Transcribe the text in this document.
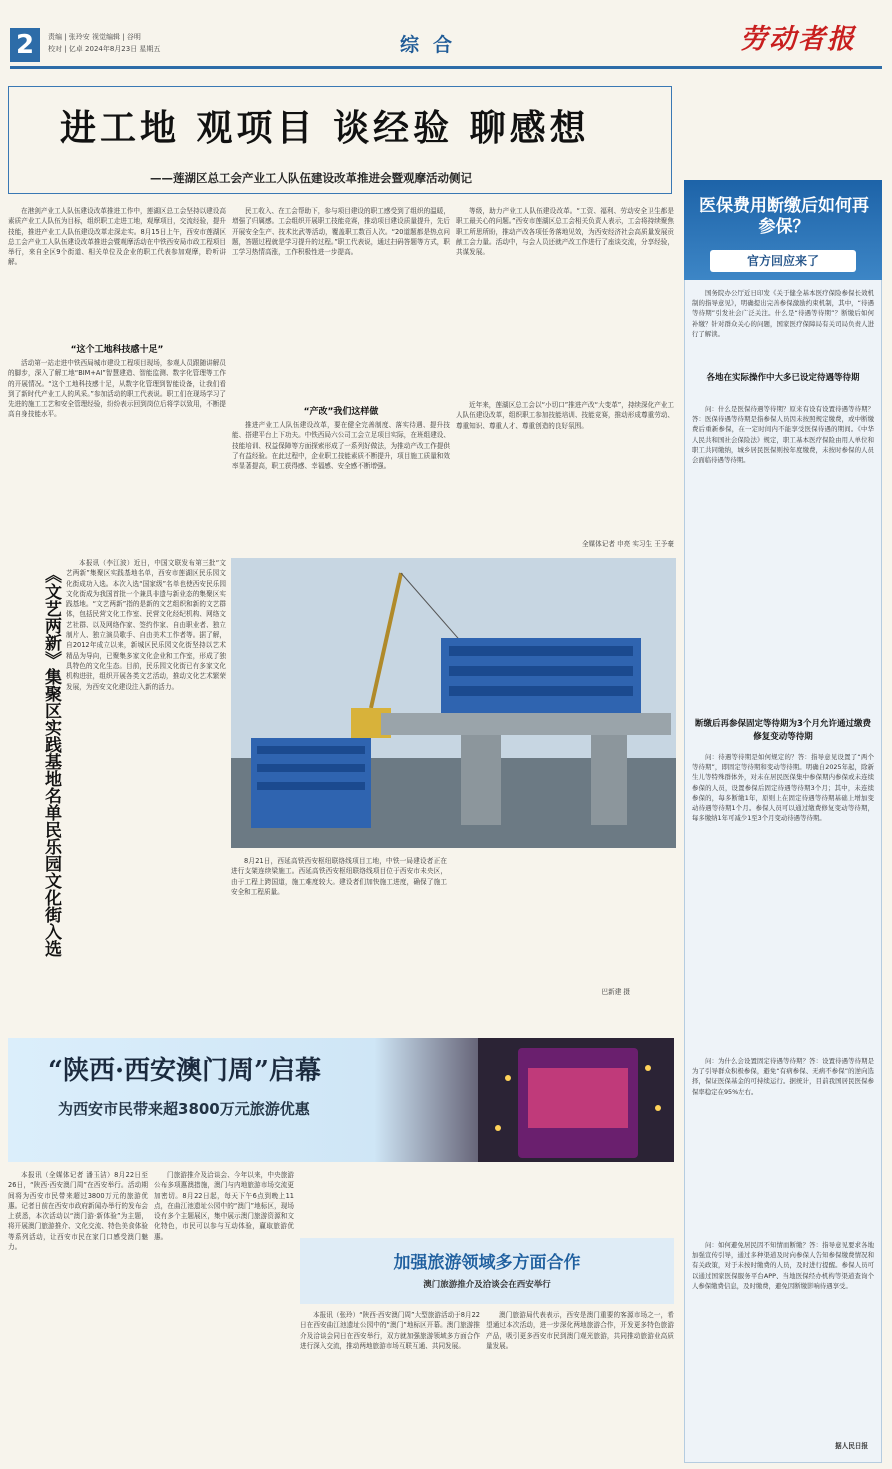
2	责编 | 张玲安 视觉编辑 | 谷明
校对 | 亿卓 2024年8月23日 星期五	综合	劳动者报
进工地 观项目 谈经验 聊感想
——莲湖区总工会产业工人队伍建设改革推进会暨观摩活动侧记
在港剑产业工人队伍建设改革推进工作中，莲湖区总工会坚持以建设高素质产业工人队伍为目标，组织职工走进工地，观摩项目，交流经验，提升技能，推进产业工人队伍建设改革走深走实。8月15日上午，西安市莲湖区总工会产业工人队伍建设改革推进会暨观摩活动在中铁西安局市政工程项目举行，来自全区9个街道、相关单位及企业的职工代表参加观摩，聆听讲解。
“这个工地科技感十足”
活动第一站走进中铁西局城市建设工程项目现场，参观人员跟随讲解员的脚步，深入了解工地“BIM+AI”智慧建造、智能监测、数字化管理等工作的开展情况。“这个工地科技感十足，从数字化管理到智能设备，让我们看到了新时代产业工人的风采。”参加活动的职工代表说。职工们在现场学习了先进的施工工艺和安全管理经验，纷纷表示回到岗位后将学以致用，不断提高自身技能水平。
民工收入、在工会帮助下，参与项目建设的职工感受到了组织的温暖，增强了归属感。工会组织开展职工技能竞赛，推动项目建设质量提升，先后开展安全生产、技术比武等活动，覆盖职工数百人次。“20道题都是热点问题，答题过程就是学习提升的过程。”职工代表说，通过扫码答题等方式，职工学习热情高涨，工作积极性进一步提高。
“产改”我们这样做
推进产业工人队伍建设改革，要在健全完善制度、落实待遇、提升技能、搭建平台上下功夫。中铁西局六公司工会立足项目实际，在班组建设、技能培训、权益保障等方面探索形成了一系列好做法，为推动产改工作提供了有益经验。在此过程中，企业职工技能素质不断提升，项目施工质量和效率显著提高，职工获得感、幸福感、安全感不断增强。
等级，助力产业工人队伍建设改革。“工资、福利、劳动安全卫生都是职工最关心的问题。”西安市莲湖区总工会相关负责人表示，工会将持续聚焦职工所思所盼，推动产改各项任务落地见效，为西安经济社会高质量发展贡献工会力量。活动中，与会人员还就产改工作进行了座谈交流，分享经验，共谋发展。
近年来，莲湖区总工会以“小切口”推进产改“大变革”，持续深化产业工人队伍建设改革，组织职工参加技能培训、技能竞赛，推动形成尊重劳动、尊重知识、尊重人才、尊重创造的良好氛围。
全媒体记者 申亮 实习生 王予豪
《文艺两新》集聚区实践基地名单民乐园文化街入选
本报讯（李江波）近日，中国文联发布第三批“文艺两新”集聚区实践基地名单，西安市莲湖区民乐园文化街成功入选。本次入选“国家级”名单也使西安民乐园文化街成为我国首批一个兼具非遗与新业态的集聚区实践基地。“文艺两新”指的是新的文艺组织和新的文艺群体，包括民营文化工作室、民营文化经纪机构、网络文艺社群、以及网络作家、签约作家、自由职业者、独立制片人、独立演员歌手、自由美术工作者等。据了解，自2012年成立以来，新城区民乐园文化街坚持以艺术精品为导向，已聚集多家文化企业和工作室，形成了独具特色的文化生态。目前，民乐园文化街已有多家文化机构进驻，组织开展各类文艺活动，推动文化艺术繁荣发展，为西安文化建设注入新的活力。
8月21日，西延高铁西安枢纽联络线项目工地，中铁一局建设者正在进行支架连续梁施工。西延高铁西安枢纽联络线项目位于西安市未央区，由于工程上跨国道，施工难度较大。建设者们加快施工进度，确保了施工安全和工程质量。
巴新建 摄
“陕西·西安澳门周”启幕
为西安市民带来超3800万元旅游优惠
本报讯（全媒体记者 潘玉洁）8月22日至26日，“陕西·西安澳门周”在西安举行。活动期间将为西安市民带来超过3800万元的旅游优惠。记者日前在西安市政府新闻办举行的发布会上获悉，本次活动以“澳门游·新体验”为主题，将开展澳门旅游推介、文化交流、特色美食体验等系列活动，让西安市民在家门口感受澳门魅力。
门旅游推介及洽谈会、今年以来，中央旅游公布多项惠澳措施，澳门与内地旅游市场交流更加密切。8月22日起，每天下午6点到晚上11点，在曲江池遗址公园中的“澳门”地标区，现场设有多个主题展区，集中展示澳门旅游资源和文化特色，市民可以参与互动体验，赢取旅游优惠。
加强旅游领域多方面合作
澳门旅游推介及洽谈会在西安举行
本报讯（张玲）“陕西·西安澳门周”大型旅游活动于8月22日在西安曲江池遗址公园中的“澳门”地标区开幕。澳门旅游推介及洽谈会同日在西安举行，双方就加强旅游领域多方面合作进行深入交流，推动两地旅游市场互联互通、共同发展。
澳门旅游局代表表示，西安是澳门重要的客源市场之一，希望通过本次活动，进一步深化两地旅游合作，开发更多特色旅游产品，吸引更多西安市民到澳门观光旅游，共同推动旅游业高质量发展。
医保费用断缴后如何再参保？
官方回应来了
国务院办公厅近日印发《关于健全基本医疗保险参保长效机制的指导意见》，明确提出完善参保激励约束机制，其中，“待遇等待期”引发社会广泛关注。什么是“待遇等待期”？断缴后如何补缴？针对群众关心的问题，国家医疗保障局有关司局负责人进行了解读。
各地在实际操作中大多已设定待遇等待期
问：什么是医保待遇等待期？原来有设有设置待遇等待期？答：医保待遇等待期是指参保人员因未按照规定缴费，或中断缴费后重新参保，在一定时间内不能享受医保待遇的期间。《中华人民共和国社会保险法》规定，职工基本医疗保险由用人单位和职工共同缴纳，城乡居民医保则按年度缴费，未按时参保的人员会面临待遇等待期。
断缴后再参保固定等待期为3个月允许通过缴费修复变动等待期
问：待遇等待期是如何规定的？答：指导意见设置了“两个等待期”，即固定等待期和变动等待期。明确自2025年起，除新生儿等特殊群体外，对未在居民医保集中参保期内参保或未连续参保的人员，设置参保后固定待遇等待期3个月；其中，未连续参保的，每多断缴1年，原则上在固定待遇等待期基础上增加变动待遇等待期1个月。参保人员可以通过缴费修复变动等待期，每多缴纳1年可减少1至3个月变动待遇等待期。
问：为什么会设置固定待遇等待期？答：设置待遇等待期是为了引导群众积极参保，避免“有病参保、无病不参保”的逆向选择，保证医保基金的可持续运行。据统计，目前我国居民医保参保率稳定在95%左右。
问：如何避免居民因不知情而断缴？答：指导意见要求各地加强宣传引导，通过多种渠道及时向参保人告知参保缴费情况和有关政策，对于未按时缴费的人员，及时进行提醒。参保人员可以通过国家医保服务平台APP、当地医保经办机构等渠道查询个人参保缴费信息，及时缴费，避免因断缴影响待遇享受。
据人民日报
